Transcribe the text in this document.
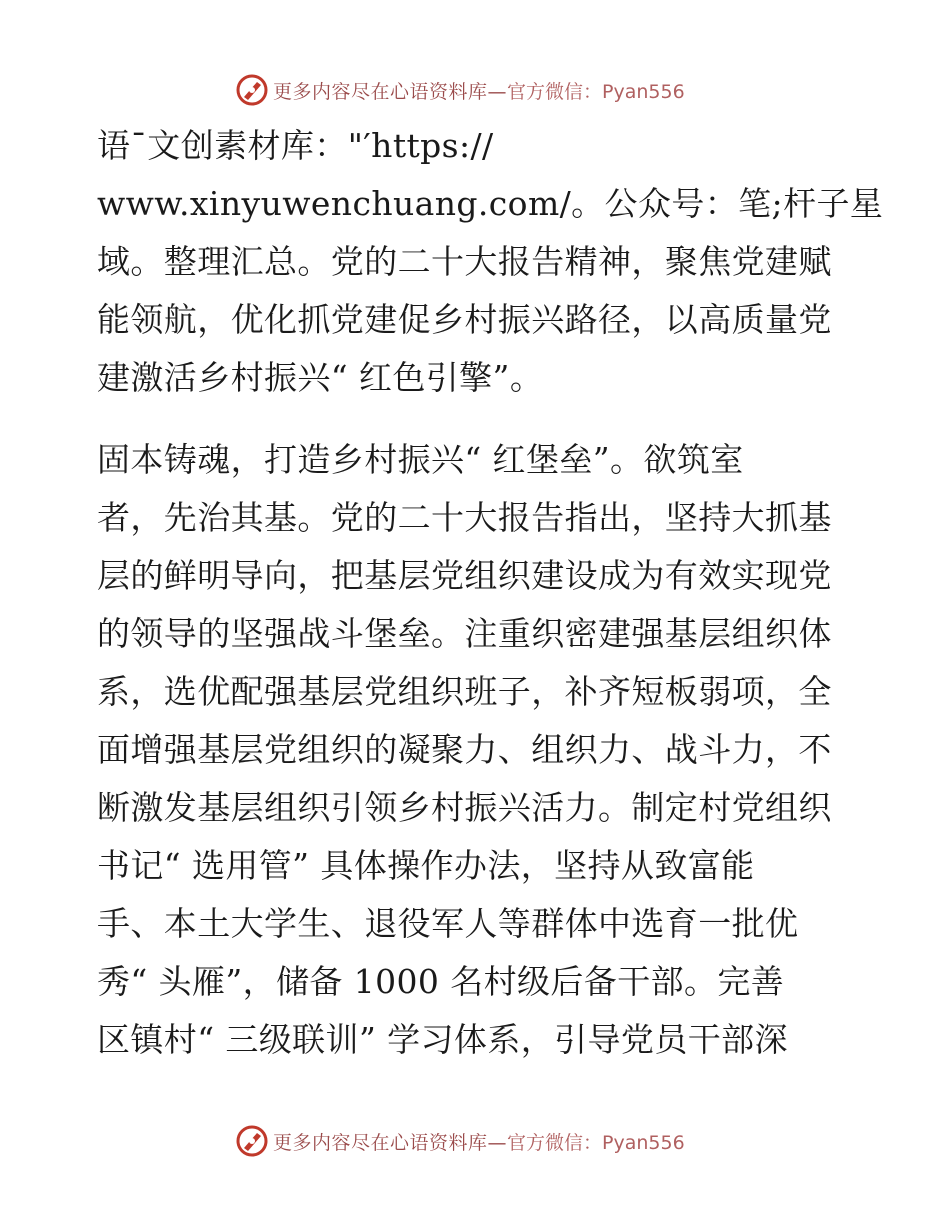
更多内容尽在心语资料库— 官方微信：Pyan556
语¯文创素材库："′https://
www.xinyuwenchuang.com/。公众号：笔;杆子星
域。整理汇总。党的二十大报告精神，聚焦党建赋
能领航，优化抓党建促乡村振兴路径，以高质量党
建激活乡村振兴“ 红色引擎”。
固本铸魂，打造乡村振兴“ 红堡垒”。欲筑室
者，先治其基。党的二十大报告指出，坚持大抓基
层的鲜明导向，把基层党组织建设成为有效实现党
的领导的坚强战斗堡垒。注重织密建强基层组织体
系，选优配强基层党组织班子，补齐短板弱项，全
面增强基层党组织的凝聚力、组织力、战斗力，不
断激发基层组织引领乡村振兴活力。制定村党组织
书记“ 选用管” 具体操作办法，坚持从致富能
手、本土大学生、退役军人等群体中选育一批优
秀“ 头雁”，储备 1000 名村级后备干部。完善
区镇村“ 三级联训” 学习体系，引导党员干部深
更多内容尽在心语资料库— 官方微信：Pyan556
